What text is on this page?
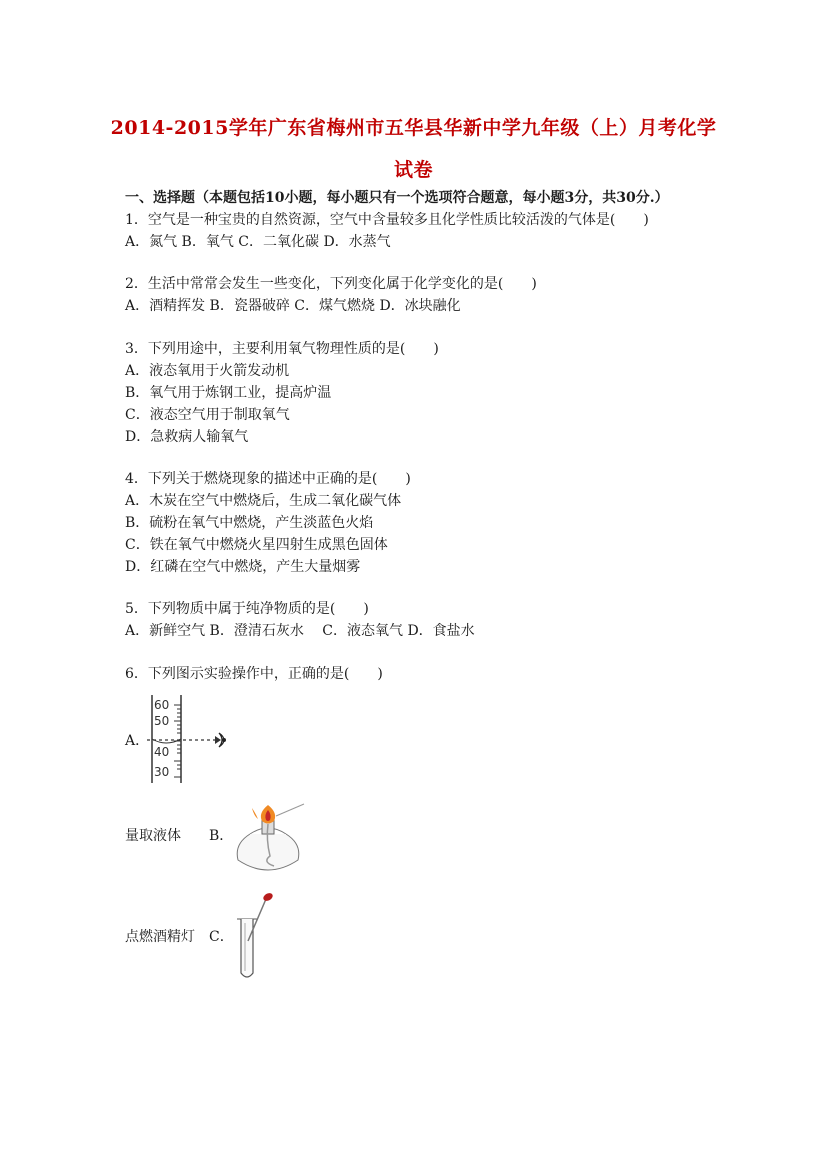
2014-2015学年广东省梅州市五华县华新中学九年级（上）月考化学
试卷
一、选择题（本题包括10小题，每小题只有一个选项符合题意，每小题3分，共30分.）
1．空气是一种宝贵的自然资源，空气中含量较多且化学性质比较活泼的气体是(　　)
A．氮气 B．氧气 C．二氧化碳 D．水蒸气
2．生活中常常会发生一些变化，下列变化属于化学变化的是(　　)
A．酒精挥发 B．瓷器破碎 C．煤气燃烧 D．冰块融化
3．下列用途中，主要利用氧气物理性质的是(　　)
A．液态氧用于火箭发动机
B．氧气用于炼钢工业，提高炉温
C．液态空气用于制取氧气
D．急救病人输氧气
4．下列关于燃烧现象的描述中正确的是(　　)
A．木炭在空气中燃烧后，生成二氧化碳气体
B．硫粉在氧气中燃烧，产生淡蓝色火焰
C．铁在氧气中燃烧火星四射生成黑色固体
D．红磷在空气中燃烧，产生大量烟雾
5．下列物质中属于纯净物质的是(　　)
A．新鲜空气 B．澄清石灰水　 C．液态氧气 D．食盐水
6．下列图示实验操作中，正确的是(　　)
A．
60
50
40
30
量取液体　　B．
点燃酒精灯　C．
